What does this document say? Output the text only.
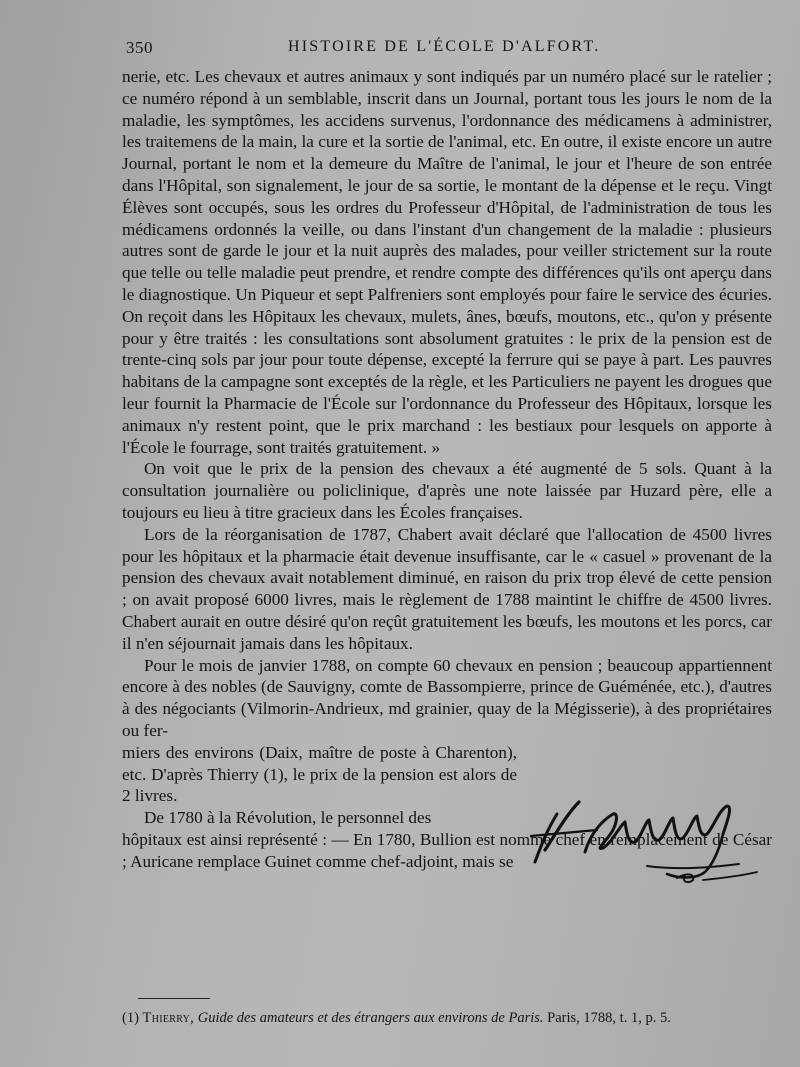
350	HISTOIRE DE L'ÉCOLE D'ALFORT.

nerie, etc. Les chevaux et autres animaux y sont indiqués par un numéro placé sur le ratelier ; ce numéro répond à un semblable, inscrit dans un Journal, portant tous les jours le nom de la maladie, les symptômes, les accidens survenus, l'ordonnance des médicamens à administrer, les traitemens de la main, la cure et la sortie de l'animal, etc. En outre, il existe encore un autre Journal, portant le nom et la demeure du Maître de l'animal, le jour et l'heure de son entrée dans l'Hôpital, son signalement, le jour de sa sortie, le montant de la dépense et le reçu. Vingt Élèves sont occupés, sous les ordres du Professeur d'Hôpital, de l'administration de tous les médicamens ordonnés la veille, ou dans l'instant d'un changement de la maladie : plusieurs autres sont de garde le jour et la nuit auprès des malades, pour veiller strictement sur la route que telle ou telle maladie peut prendre, et rendre compte des différences qu'ils ont aperçu dans le diagnostique. Un Piqueur et sept Palfreniers sont employés pour faire le service des écuries. On reçoit dans les Hôpitaux les chevaux, mulets, ânes, bœufs, moutons, etc., qu'on y présente pour y être traités : les consultations sont absolument gratuites : le prix de la pension est de trente-cinq sols par jour pour toute dépense, excepté la ferrure qui se paye à part. Les pauvres habitans de la campagne sont exceptés de la règle, et les Particuliers ne payent les drogues que leur fournit la Pharmacie de l'École sur l'ordonnance du Professeur des Hôpitaux, lorsque les animaux n'y restent point, que le prix marchand : les bestiaux pour lesquels on apporte à l'École le fourrage, sont traités gratuitement. »

On voit que le prix de la pension des chevaux a été augmenté de 5 sols. Quant à la consultation journalière ou policlinique, d'après une note laissée par Huzard père, elle a toujours eu lieu à titre gracieux dans les Écoles françaises.

Lors de la réorganisation de 1787, Chabert avait déclaré que l'allocation de 4500 livres pour les hôpitaux et la pharmacie était devenue insuffisante, car le « casuel » provenant de la pension des chevaux avait notablement diminué, en raison du prix trop élevé de cette pension ; on avait proposé 6000 livres, mais le règlement de 1788 maintint le chiffre de 4500 livres. Chabert aurait en outre désiré qu'on reçût gratuitement les bœufs, les moutons et les porcs, car il n'en séjournait jamais dans les hôpitaux.

Pour le mois de janvier 1788, on compte 60 chevaux en pension ; beaucoup appartiennent encore à des nobles (de Sauvigny, comte de Bassompierre, prince de Guéménée, etc.), d'autres à des négociants (Vilmorin-Andrieux, md grainier, quay de la Mégisserie), à des propriétaires ou fer-

miers des environs (Daix, maître de poste à Charenton), etc. D'après Thierry (1), le prix de la pension est alors de 2 livres.

De 1780 à la Révolution, le personnel des

hôpitaux est ainsi représenté : — En 1780, Bullion est nommé chef en remplacement de César ; Auricane remplace Guinet comme chef-adjoint, mais se

(1) Thierry, Guide des amateurs et des étrangers aux environs de Paris. Paris, 1788, t. 1, p. 5.
